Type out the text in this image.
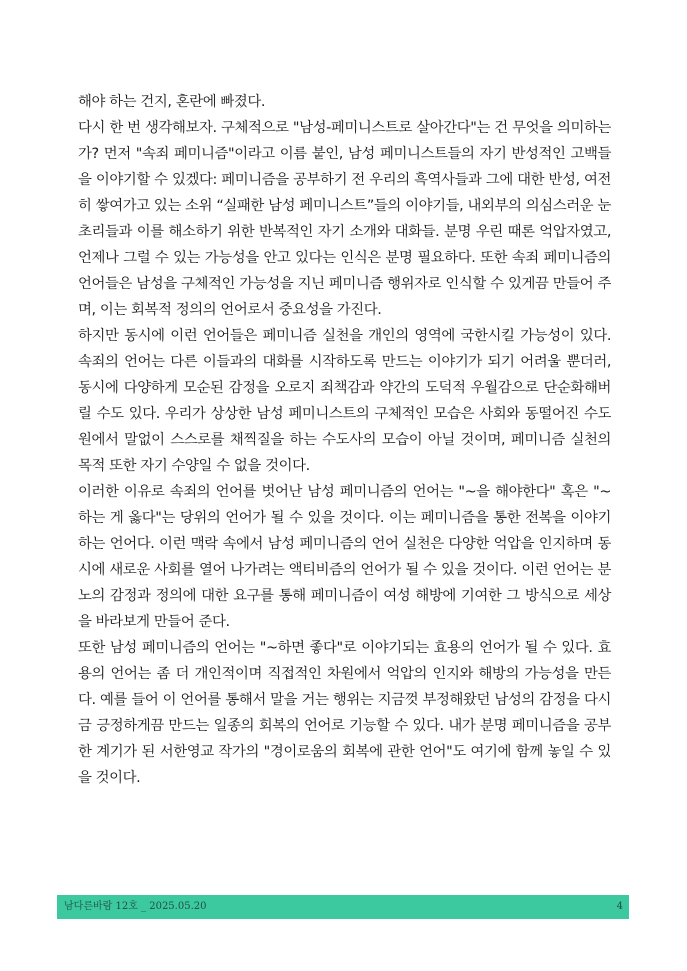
해야 하는 건지, 혼란에 빠졌다.

다시 한 번 생각해보자. 구체적으로 "남성-페미니스트로 살아간다"는 건 무엇을 의미하는가? 먼저 "속죄 페미니즘"이라고 이름 붙인, 남성 페미니스트들의 자기 반성적인 고백들을 이야기할 수 있겠다: 페미니즘을 공부하기 전 우리의 흑역사들과 그에 대한 반성, 여전히 쌓여가고 있는 소위 “실패한 남성 페미니스트”들의 이야기들, 내외부의 의심스러운 눈초리들과 이를 해소하기 위한 반복적인 자기 소개와 대화들. 분명 우린 때론 억압자였고, 언제나 그럴 수 있는 가능성을 안고 있다는 인식은 분명 필요하다. 또한 속죄 페미니즘의 언어들은 남성을 구체적인 가능성을 지닌 페미니즘 행위자로 인식할 수 있게끔 만들어 주며, 이는 회복적 정의의 언어로서 중요성을 가진다.

하지만 동시에 이런 언어들은 페미니즘 실천을 개인의 영역에 국한시킬 가능성이 있다. 속죄의 언어는 다른 이들과의 대화를 시작하도록 만드는 이야기가 되기 어려울 뿐더러, 동시에 다양하게 모순된 감정을 오로지 죄책감과 약간의 도덕적 우월감으로 단순화해버릴 수도 있다. 우리가 상상한 남성 페미니스트의 구체적인 모습은 사회와 동떨어진 수도원에서 말없이 스스로를 채찍질을 하는 수도사의 모습이 아닐 것이며, 페미니즘 실천의 목적 또한 자기 수양일 수 없을 것이다.

이러한 이유로 속죄의 언어를 벗어난 남성 페미니즘의 언어는 "~을 해야한다" 혹은 "~하는 게 옳다"는 당위의 언어가 될 수 있을 것이다. 이는 페미니즘을 통한 전복을 이야기하는 언어다. 이런 맥락 속에서 남성 페미니즘의 언어 실천은 다양한 억압을 인지하며 동시에 새로운 사회를 열어 나가려는 액티비즘의 언어가 될 수 있을 것이다. 이런 언어는 분노의 감정과 정의에 대한 요구를 통해 페미니즘이 여성 해방에 기여한 그 방식으로 세상을 바라보게 만들어 준다.

또한 남성 페미니즘의 언어는 "~하면 좋다"로 이야기되는 효용의 언어가 될 수 있다. 효용의 언어는 좀 더 개인적이며 직접적인 차원에서 억압의 인지와 해방의 가능성을 만든다. 예를 들어 이 언어를 통해서 말을 거는 행위는 지금껏 부정해왔던 남성의 감정을 다시금 긍정하게끔 만드는 일종의 회복의 언어로 기능할 수 있다. 내가 분명 페미니즘을 공부한 계기가 된 서한영교 작가의 "경이로움의 회복에 관한 언어"도 여기에 함께 놓일 수 있을 것이다.

남다른바람 12호 _ 2025.05.20	4
